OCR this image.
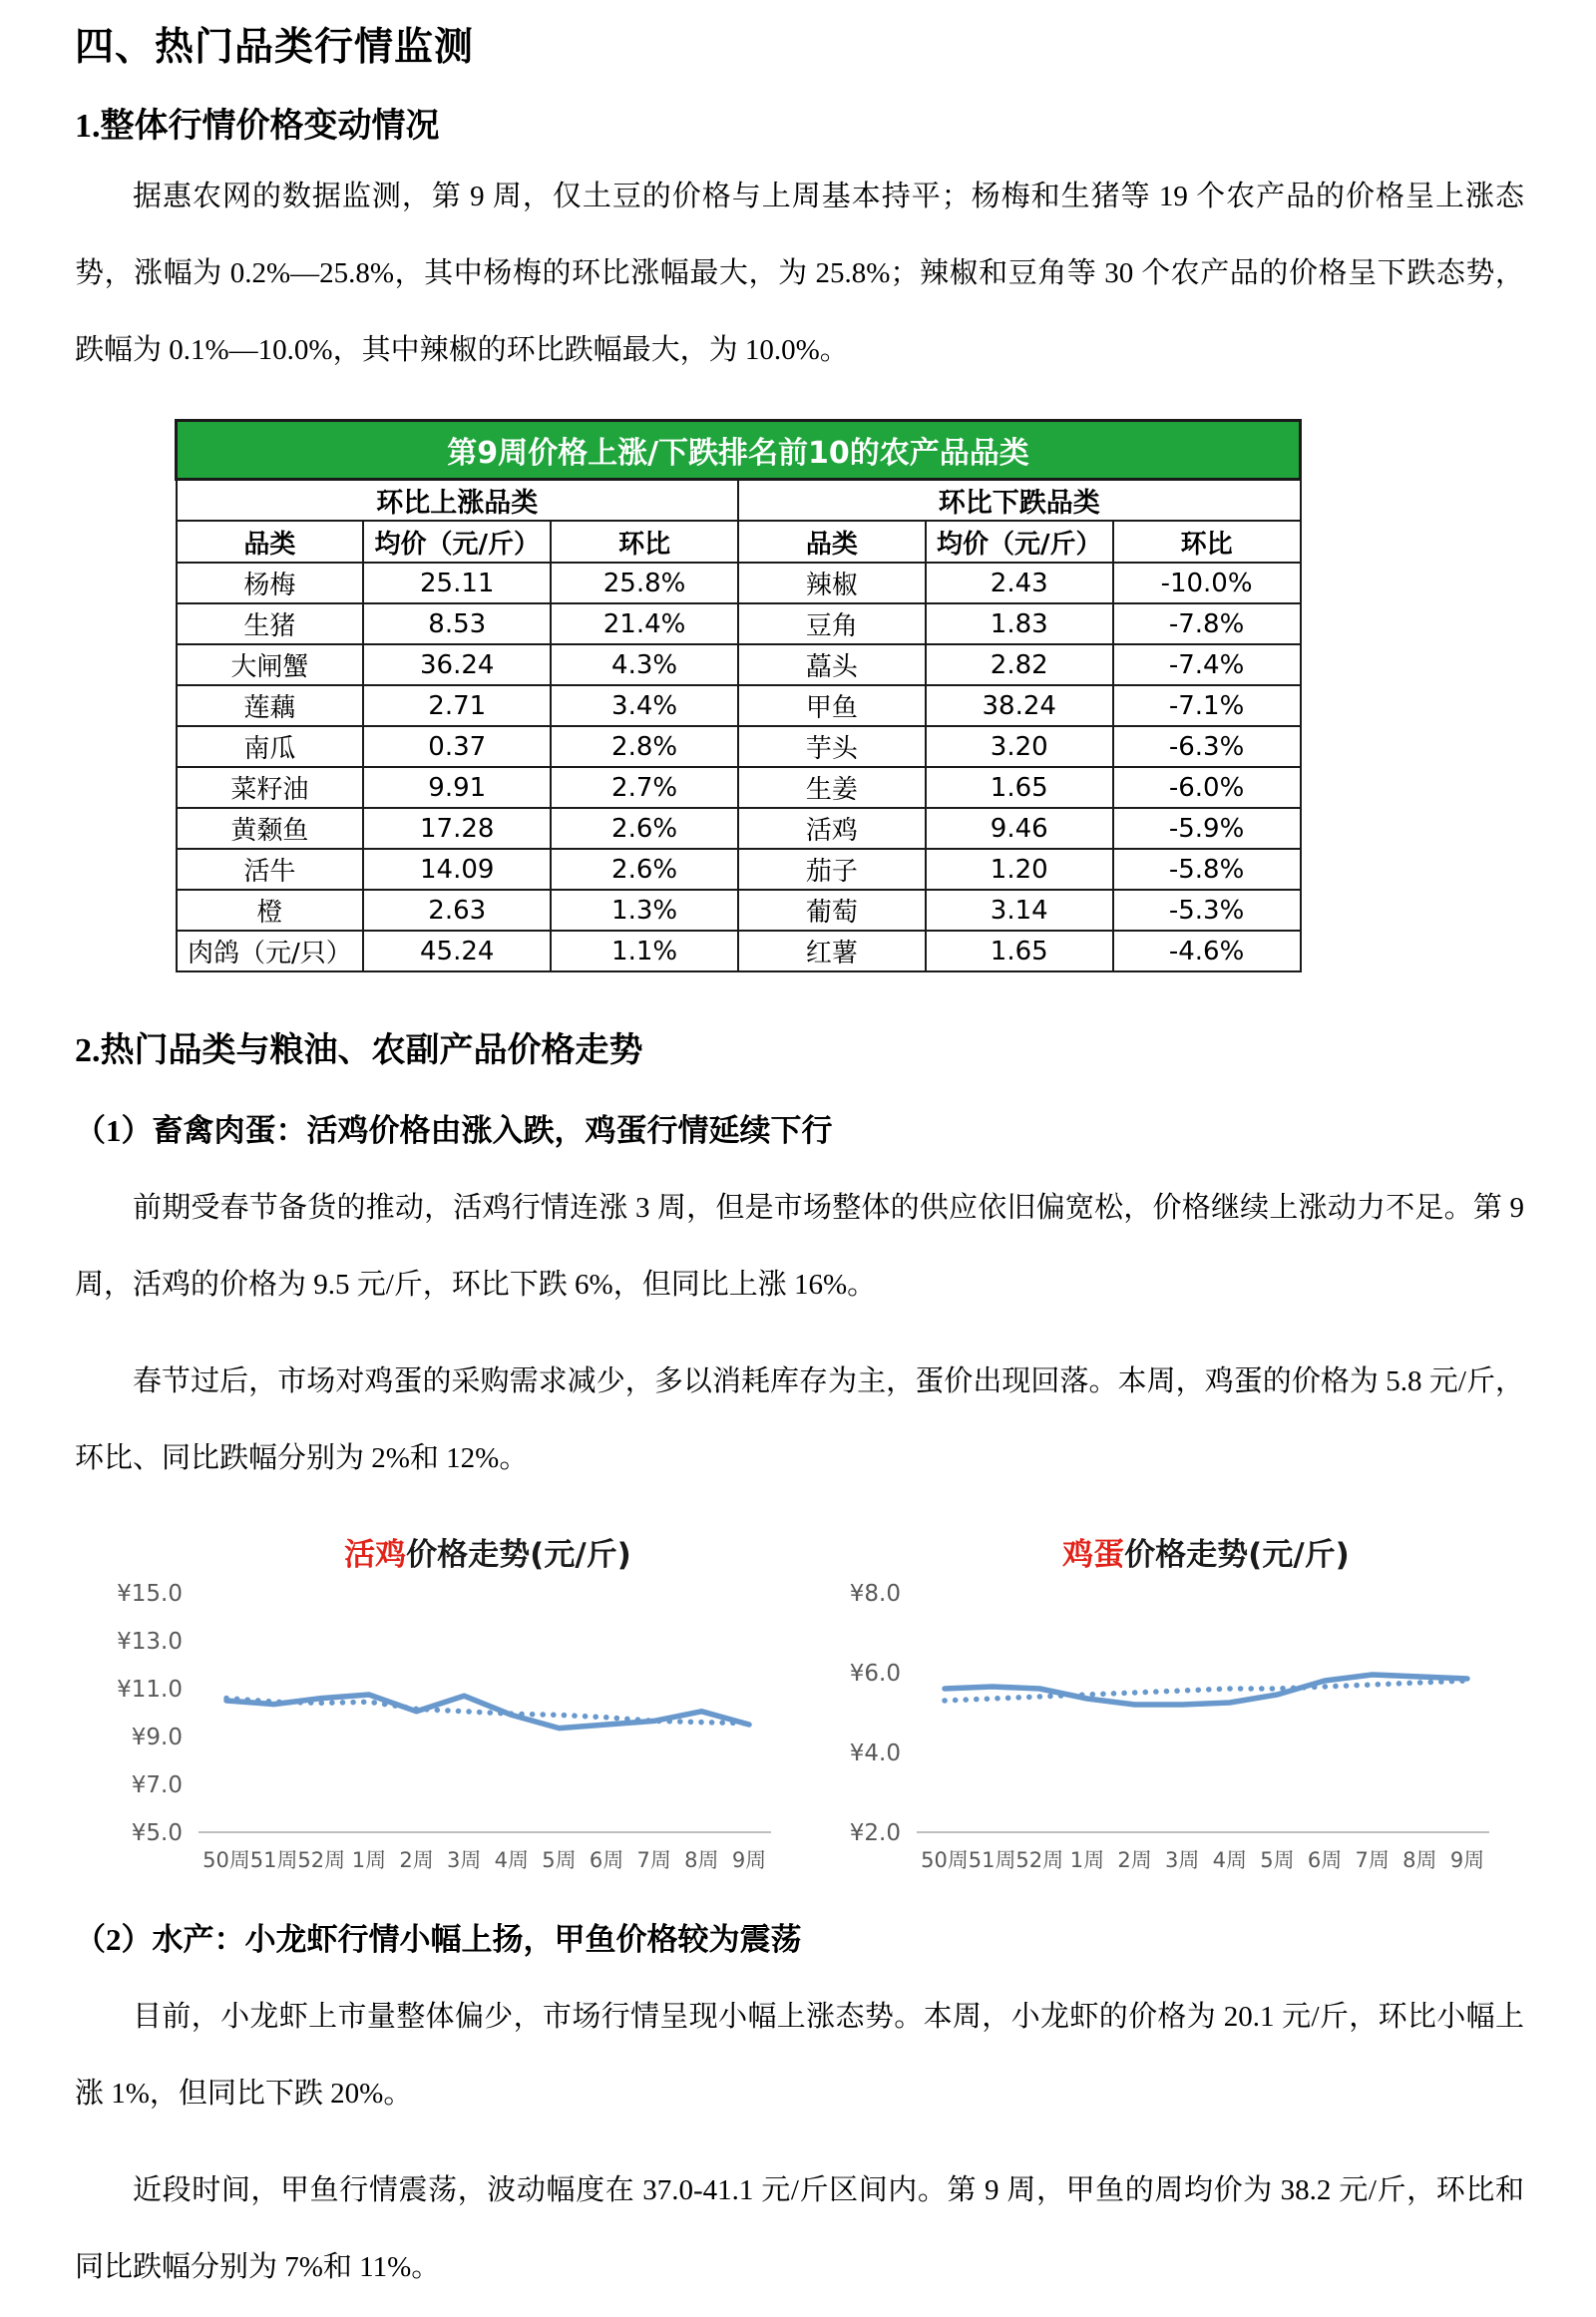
四、热门品类行情监测
1.整体行情价格变动情况

据惠农网的数据监测，第 9 周，仅土豆的价格与上周基本持平；杨梅和生猪等 19 个农产品的价格呈上涨态势，涨幅为 0.2%—25.8%，其中杨梅的环比涨幅最大，为 25.8%；辣椒和豆角等 30 个农产品的价格呈下跌态势，跌幅为 0.1%—10.0%，其中辣椒的环比跌幅最大，为 10.0%。

第9周价格上涨/下跌排名前10的农产品品类					
环比上涨品类			环比下跌品类		
品类	均价（元/斤）	环比	品类	均价（元/斤）	环比
杨梅	25.11	25.8%	辣椒	2.43	-10.0%
生猪	8.53	21.4%	豆角	1.83	-7.8%
大闸蟹	36.24	4.3%	藠头	2.82	-7.4%
莲藕	2.71	3.4%	甲鱼	38.24	-7.1%
南瓜	0.37	2.8%	芋头	3.20	-6.3%
菜籽油	9.91	2.7%	生姜	1.65	-6.0%
黄颡鱼	17.28	2.6%	活鸡	9.46	-5.9%
活牛	14.09	2.6%	茄子	1.20	-5.8%
橙	2.63	1.3%	葡萄	3.14	-5.3%
肉鸽（元/只）	45.24	1.1%	红薯	1.65	-4.6%
2.热门品类与粮油、农副产品价格走势
（1）畜禽肉蛋：活鸡价格由涨入跌，鸡蛋行情延续下行

前期受春节备货的推动，活鸡行情连涨 3 周，但是市场整体的供应依旧偏宽松，价格继续上涨动力不足。第 9 周，活鸡的价格为 9.5 元/斤，环比下跌 6%，但同比上涨 16%。

春节过后，市场对鸡蛋的采购需求减少，多以消耗库存为主，蛋价出现回落。本周，鸡蛋的价格为 5.8 元/斤，环比、同比跌幅分别为 2%和 12%。

活鸡价格走势(元/斤)
¥15.0
¥13.0
¥11.0
¥9.0
¥7.0
¥5.0
50周 51周 52周 1周 2周 3周 4周 5周 6周 7周 8周 9周
鸡蛋价格走势(元/斤)
¥8.0
¥6.0
¥4.0
¥2.0
50周 51周 52周 1周 2周 3周 4周 5周 6周 7周 8周 9周
（2）水产：小龙虾行情小幅上扬，甲鱼价格较为震荡

目前，小龙虾上市量整体偏少，市场行情呈现小幅上涨态势。本周，小龙虾的价格为 20.1 元/斤，环比小幅上涨 1%，但同比下跌 20%。

近段时间，甲鱼行情震荡，波动幅度在 37.0-41.1 元/斤区间内。第 9 周，甲鱼的周均价为 38.2 元/斤，环比和同比跌幅分别为 7%和 11%。
